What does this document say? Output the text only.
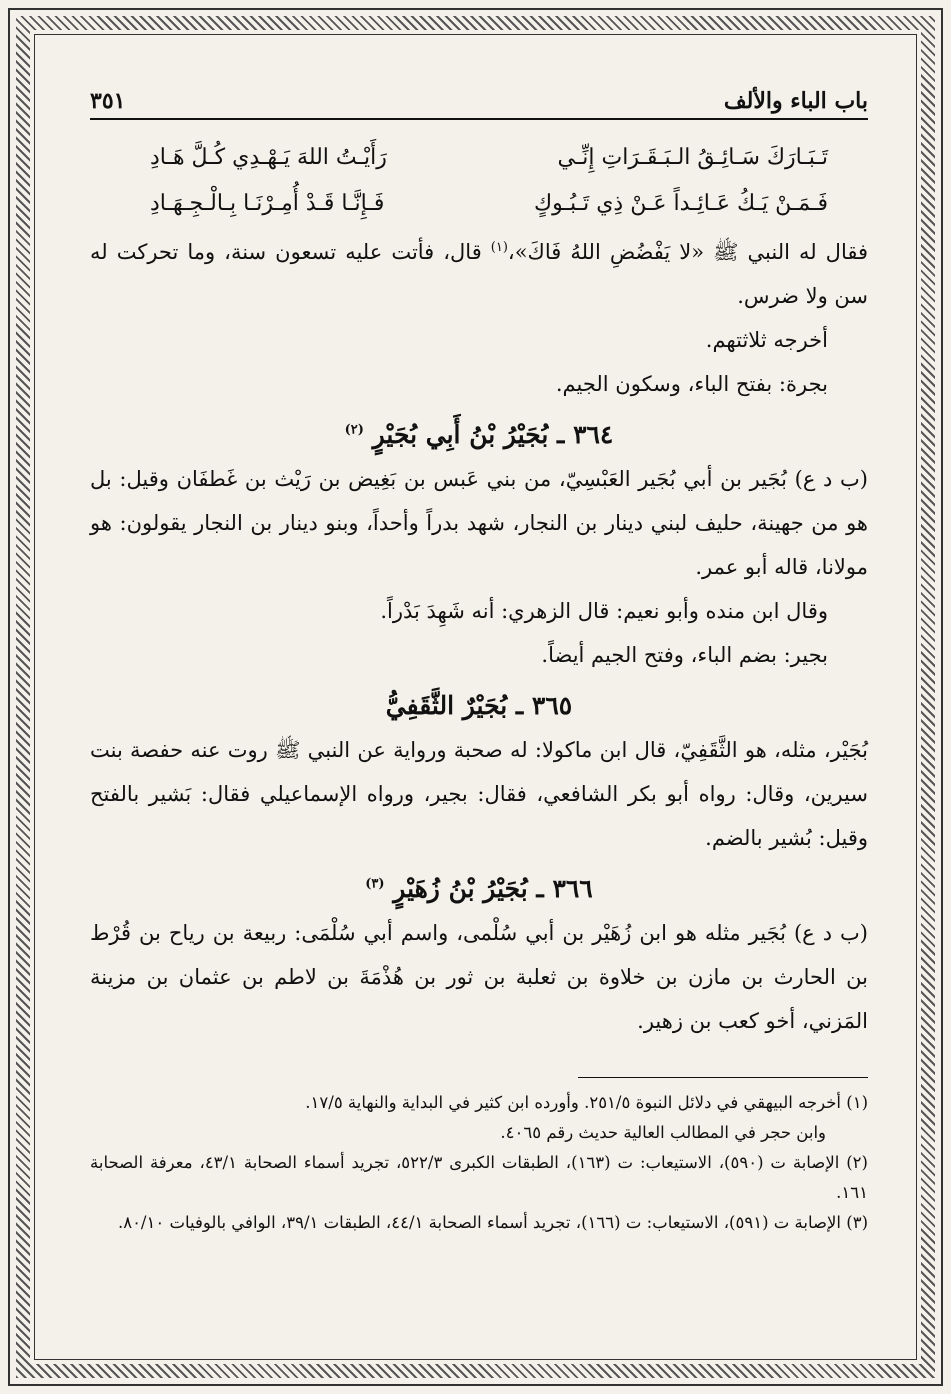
باب الباء والألف
٣٥١
تَـبَـارَكَ سَـائِـقُ الـبَـقَـرَاتِ إِنِّـي
رَأَيْـتُ اللهَ يَـهْـدِي كُـلَّ هَـادِ
فَـمَـنْ يَـكُ عَـائِـداً عَـنْ ذِي تَـبُـوكٍ
فَـإِنَّـا قَـدْ أُمِـرْنَـا بِـالْـجِـهَـادِ

فقال له النبي ﷺ «لا يَفْضُضِ اللهُ فَاكَ»،$^{(١)}$ قال، فأتت عليه تسعون سنة، وما تحركت له سن ولا ضرس.

أخرجه ثلاثتهم.

بجرة: بفتح الباء، وسكون الجيم.

٣٦٤ ـ بُجَيْرُ بْنُ أَبِي بُجَيْرٍ $^{(٢)}$

(ب د ع) بُجَير بن أبي بُجَير العَبْسِيّ، من بني عَبس بن بَغِيض بن رَيْث بن غَطفَان وقيل: بل هو من جهينة، حليف لبني دينار بن النجار، شهد بدراً وأحداً، وبنو دينار بن النجار يقولون: هو مولانا، قاله أبو عمر.

وقال ابن منده وأبو نعيم: قال الزهري: أنه شَهِدَ بَدْراً.

بجير: بضم الباء، وفتح الجيم أيضاً.

٣٦٥ ـ بُجَيْرٌ الثَّقَفِيُّ

بُجَيْر، مثله، هو الثَّقَفِيّ، قال ابن ماكولا: له صحبة ورواية عن النبي ﷺ روت عنه حفصة بنت سيرين، وقال: رواه أبو بكر الشافعي، فقال: بجير، ورواه الإسماعيلي فقال: بَشير بالفتح وقيل: بُشير بالضم.

٣٦٦ ـ بُجَيْرُ بْنُ زُهَيْرٍ $^{(٣)}$

(ب د ع) بُجَير مثله هو ابن زُهَيْر بن أبي سُلْمى، واسم أبي سُلْمَى: ربيعة بن رياح بن قُرْط بن الحارث بن مازن بن خلاوة بن ثعلبة بن ثور بن هُذْمَةَ بن لاطم بن عثمان بن مزينة المَزني، أخو كعب بن زهير.

(١) أخرجه البيهقي في دلائل النبوة ٢٥١/٥. وأورده ابن كثير في البداية والنهاية ١٧/٥.

وابن حجر في المطالب العالية حديث رقم ٤٠٦٥.

(٢) الإصابة ت (٥٩٠)، الاستيعاب: ت (١٦٣)، الطبقات الكبرى ٥٢٢/٣، تجريد أسماء الصحابة ٤٣/١، معرفة الصحابة ١٦١.

(٣) الإصابة ت (٥٩١)، الاستيعاب: ت (١٦٦)، تجريد أسماء الصحابة ٤٤/١، الطبقات ٣٩/١، الوافي بالوفيات ٨٠/١٠.
